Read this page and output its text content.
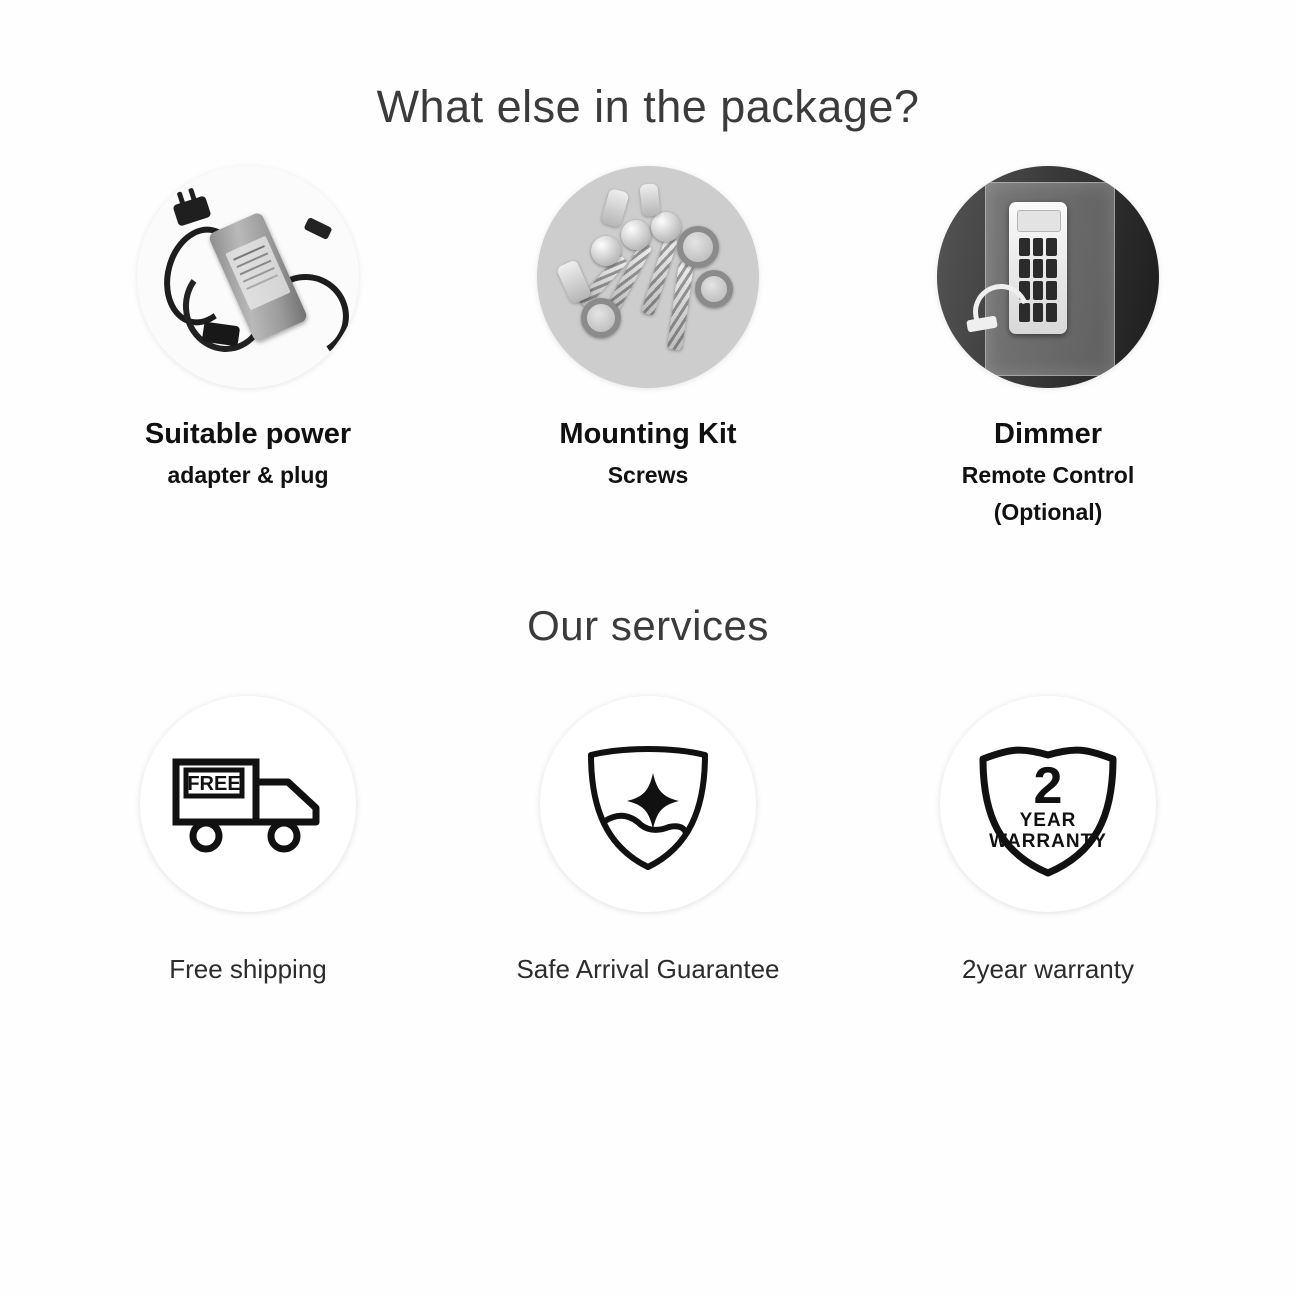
What else in the package?
Suitable power
adapter & plug
Mounting Kit
Screws
Dimmer
Remote Control
(Optional)
Our services
FREE
Free shipping	Safe Arrival Guarantee
2
YEAR
WARRANTY
2year warranty
